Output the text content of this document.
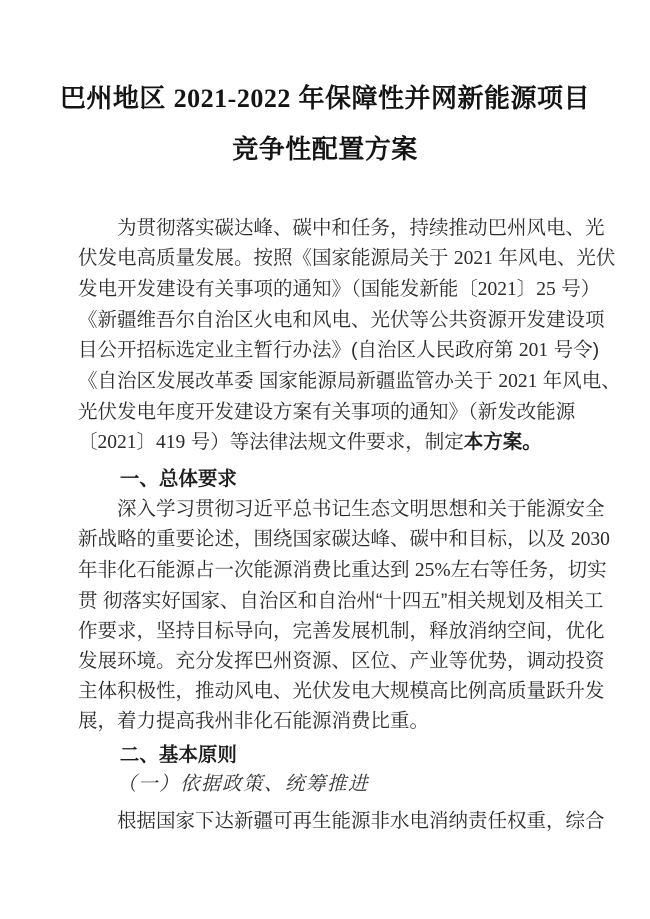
巴州地区 2021-2022 年保障性并网新能源项目
竞争性配置方案
为贯彻落实碳达峰、碳中和任务，持续推动巴州风电、光
伏发电高质量发展。按照《国家能源局关于 2021 年风电、光伏
发电开发建设有关事项的通知》（国能发新能〔2021〕25 号）
《新疆维吾尔自治区火电和风电、光伏等公共资源开发建设项
目公开招标选定业主暂行办法》(自治区人民政府第 201 号令)
《自治区发展改革委 国家能源局新疆监管办关于 2021 年风电、
光伏发电年度开发建设方案有关事项的通知》（新发改能源
〔2021〕419 号）等法律法规文件要求，制定本方案。
一、总体要求
深入学习贯彻习近平总书记生态文明思想和关于能源安全
新战略的重要论述，围绕国家碳达峰、碳中和目标，以及 2030
年非化石能源占一次能源消费比重达到 25%左右等任务，切实
贯 彻落实好国家、自治区和自治州“十四五”相关规划及相关工
作要求，坚持目标导向，完善发展机制，释放消纳空间，优化
发展环境。充分发挥巴州资源、区位、产业等优势，调动投资
主体积极性，推动风电、光伏发电大规模高比例高质量跃升发
展，着力提高我州非化石能源消费比重。
二、基本原则
（一）依据政策、统筹推进
根据国家下达新疆可再生能源非水电消纳责任权重，综合
